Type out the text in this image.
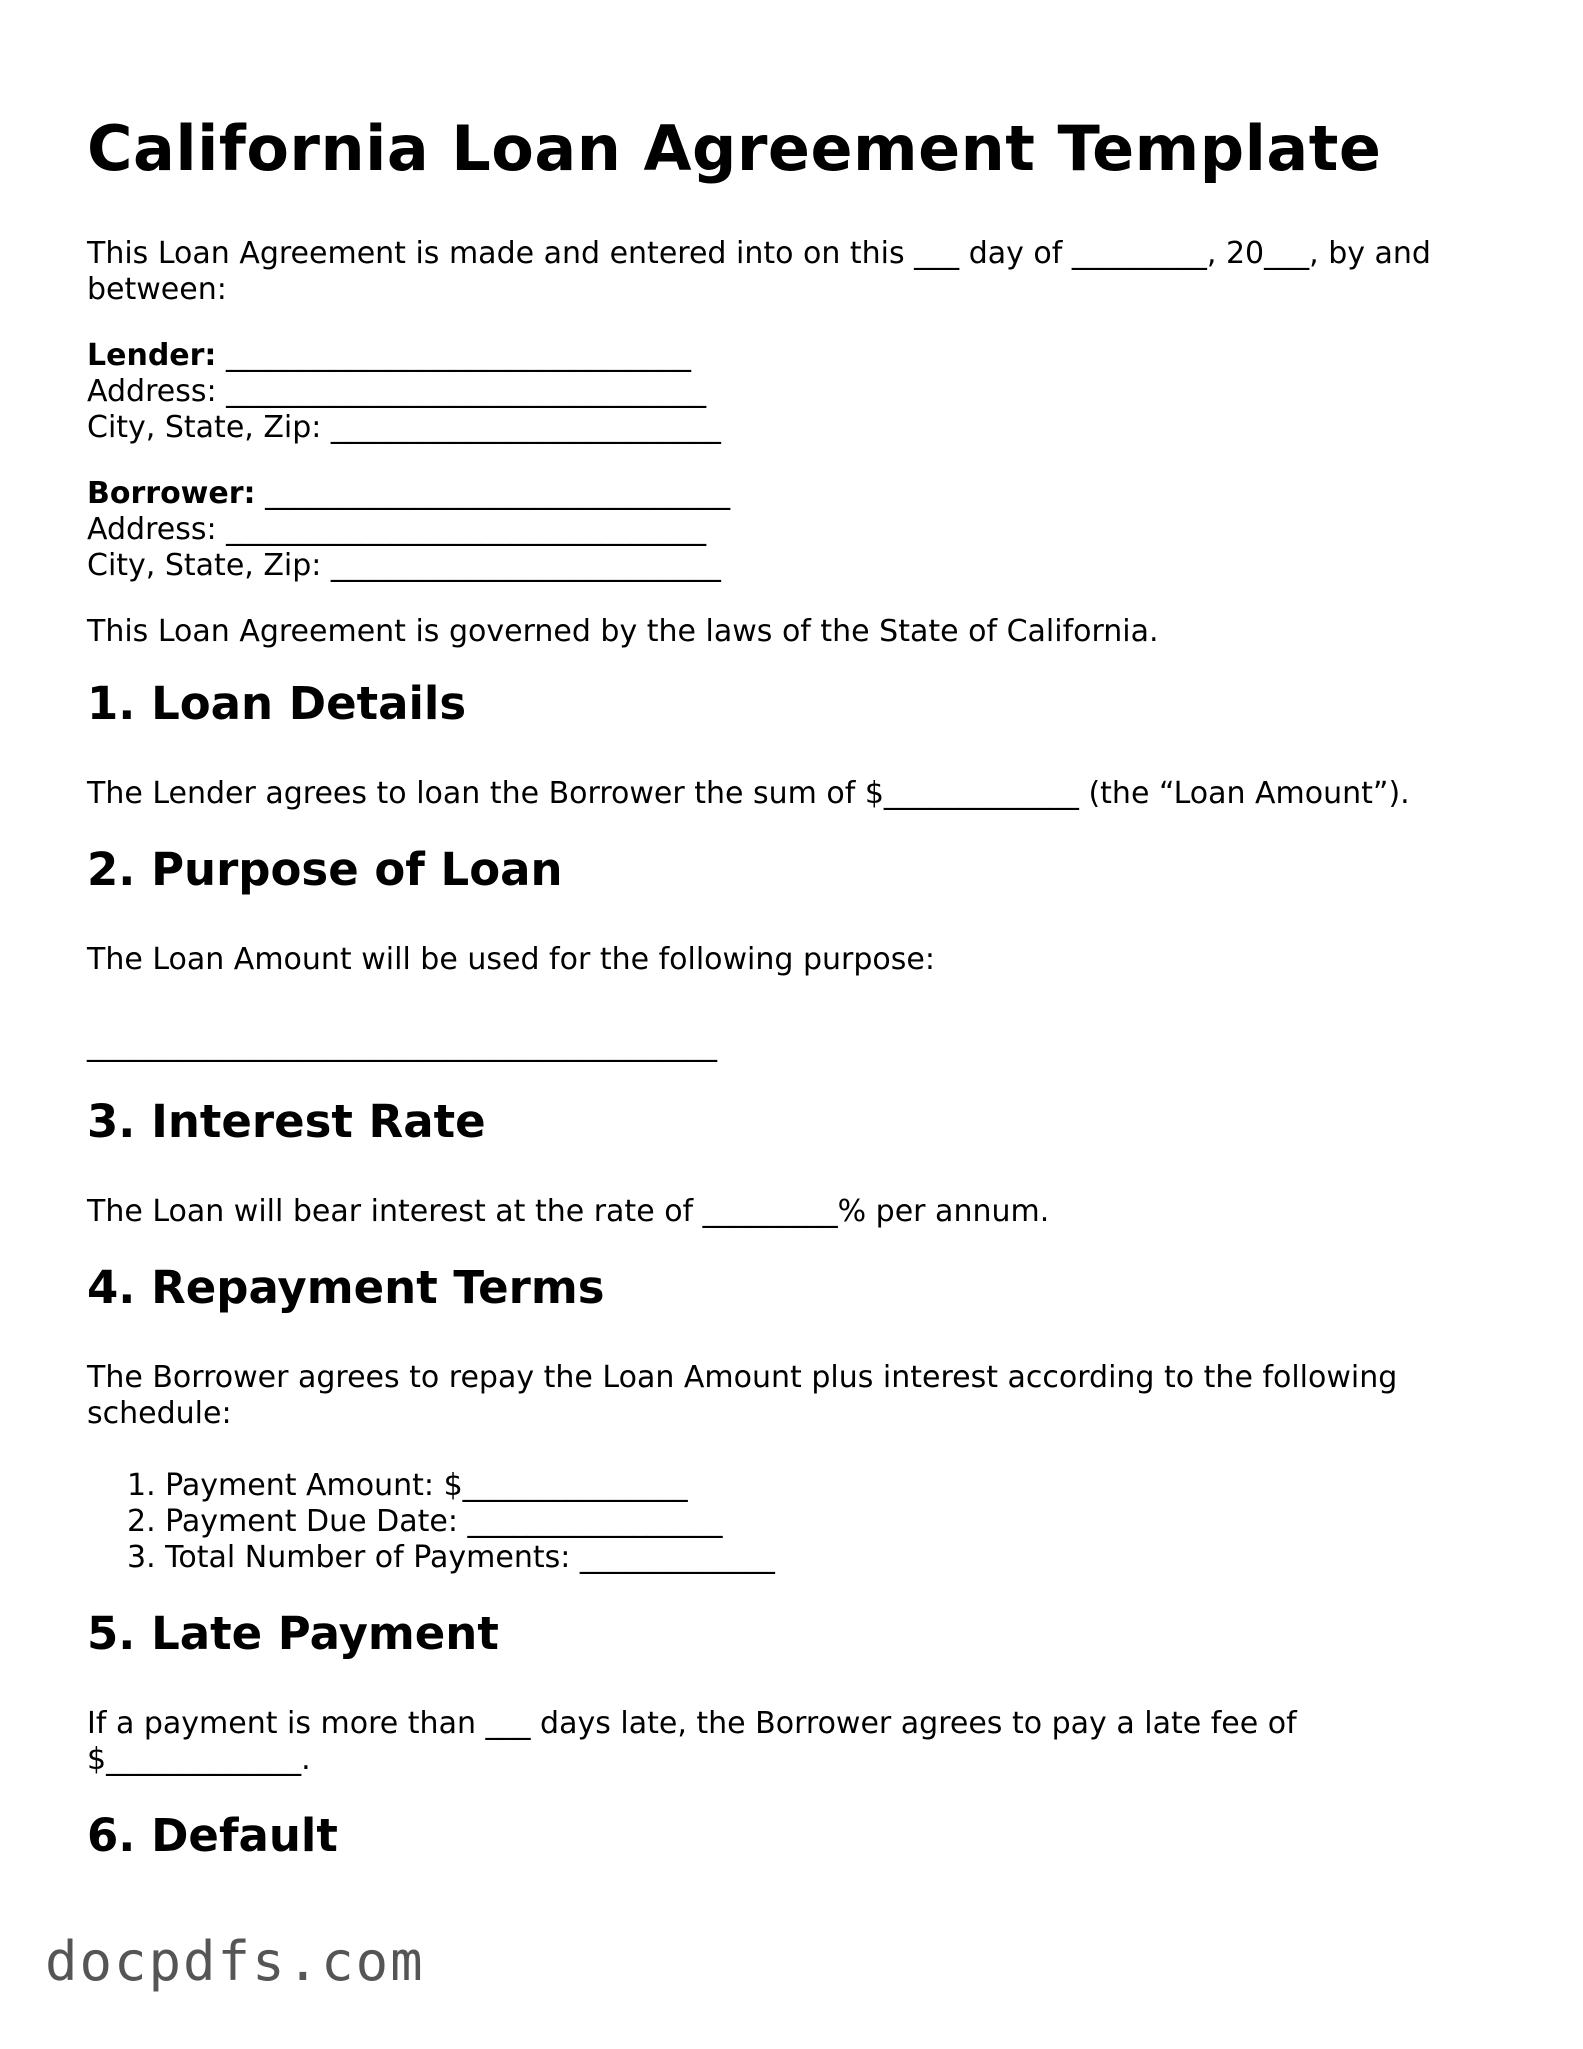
California Loan Agreement Template

This Loan Agreement is made and entered into on this ___ day of _________, 20___, by and between:

Lender: _______________________________

Address: ________________________________

City, State, Zip: __________________________

Borrower: _______________________________

Address: ________________________________

City, State, Zip: __________________________

This Loan Agreement is governed by the laws of the State of California.

1. Loan Details

The Lender agrees to loan the Borrower the sum of $_____________ (the “Loan Amount”).

2. Purpose of Loan

The Loan Amount will be used for the following purpose:

__________________________________________

3. Interest Rate

The Loan will bear interest at the rate of _________% per annum.

4. Repayment Terms

The Borrower agrees to repay the Loan Amount plus interest according to the following schedule:

1. Payment Amount: $_______________
2. Payment Due Date: _________________
3. Total Number of Payments: _____________
5. Late Payment

If a payment is more than ___ days late, the Borrower agrees to pay a late fee of $_____________.

6. Default
docpdfs.com
